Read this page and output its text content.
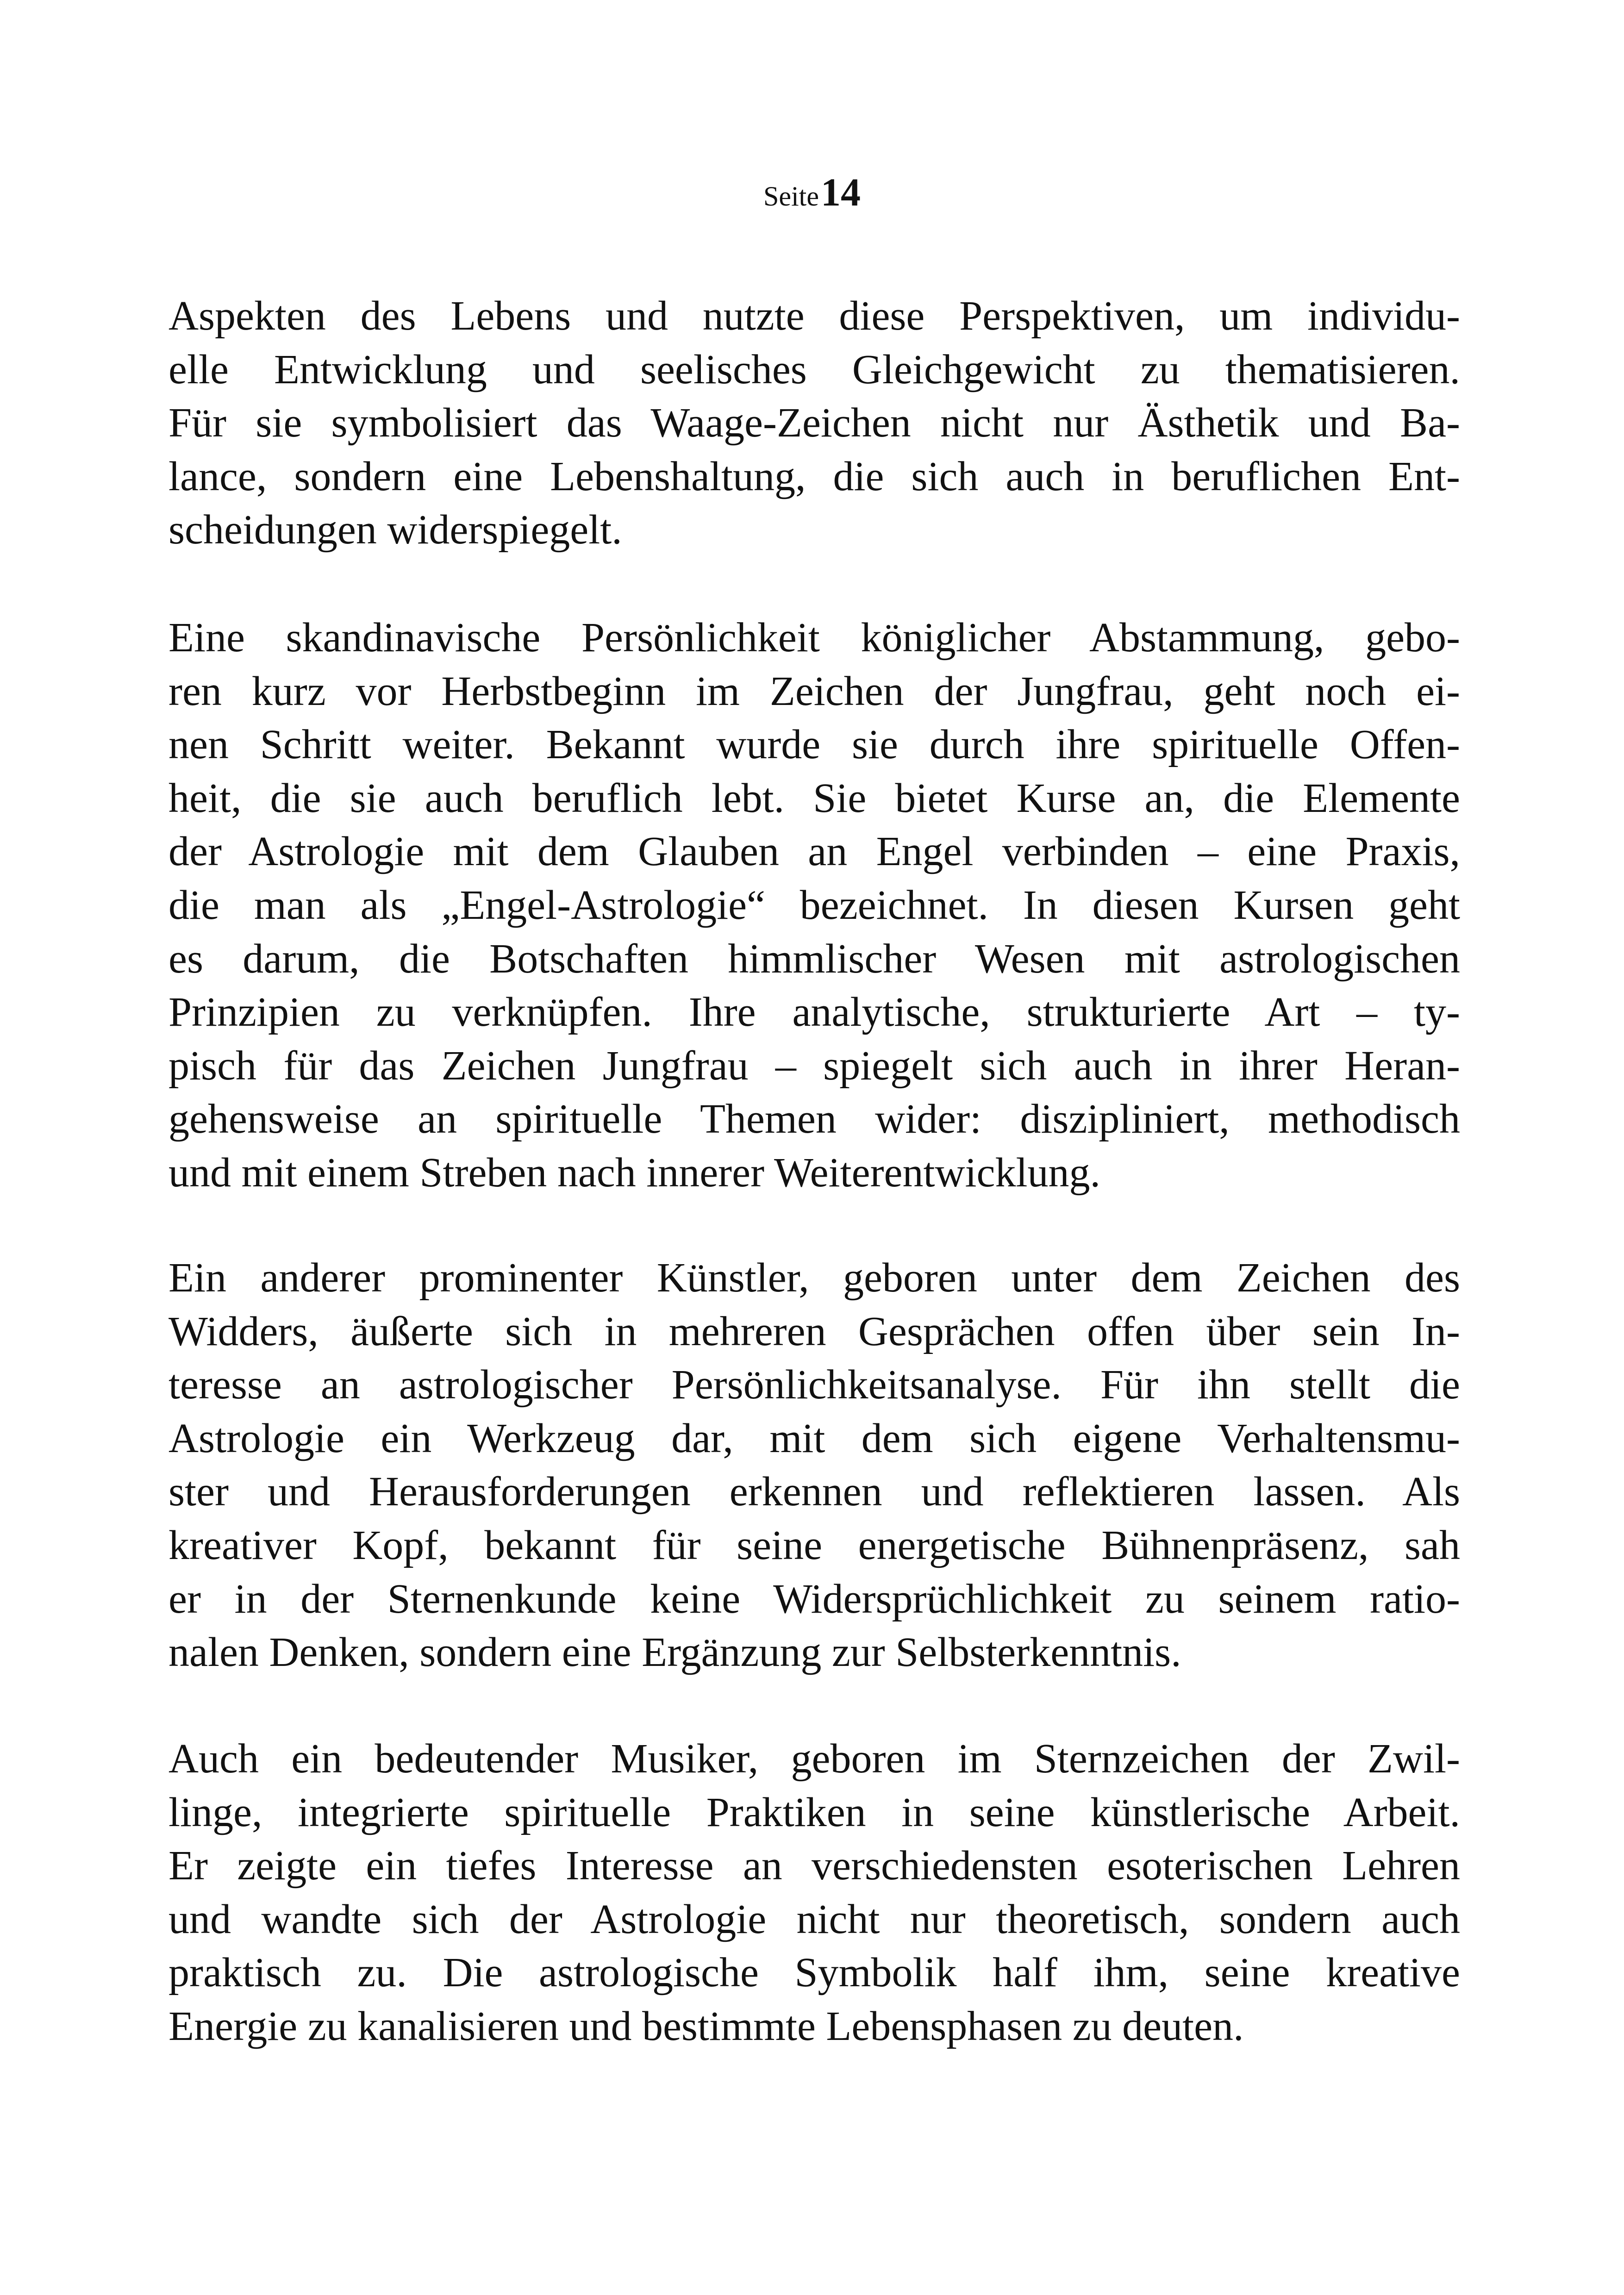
Seite 14

Aspekten des Lebens und nutzte diese Perspektiven, um individu-
elle Entwicklung und seelisches Gleichgewicht zu thematisieren.
Für sie symbolisiert das Waage-Zeichen nicht nur Ästhetik und Ba-
lance, sondern eine Lebenshaltung, die sich auch in beruflichen Ent-
scheidungen widerspiegelt.

Eine skandinavische Persönlichkeit königlicher Abstammung, gebo-
ren kurz vor Herbstbeginn im Zeichen der Jungfrau, geht noch ei-
nen Schritt weiter. Bekannt wurde sie durch ihre spirituelle Offen-
heit, die sie auch beruflich lebt. Sie bietet Kurse an, die Elemente
der Astrologie mit dem Glauben an Engel verbinden – eine Praxis,
die man als „Engel-Astrologie“ bezeichnet. In diesen Kursen geht
es darum, die Botschaften himmlischer Wesen mit astrologischen
Prinzipien zu verknüpfen. Ihre analytische, strukturierte Art – ty-
pisch für das Zeichen Jungfrau – spiegelt sich auch in ihrer Heran-
gehensweise an spirituelle Themen wider: diszipliniert, methodisch
und mit einem Streben nach innerer Weiterentwicklung.

Ein anderer prominenter Künstler, geboren unter dem Zeichen des
Widders, äußerte sich in mehreren Gesprächen offen über sein In-
teresse an astrologischer Persönlichkeitsanalyse. Für ihn stellt die
Astrologie ein Werkzeug dar, mit dem sich eigene Verhaltensmu-
ster und Herausforderungen erkennen und reflektieren lassen. Als
kreativer Kopf, bekannt für seine energetische Bühnenpräsenz, sah
er in der Sternenkunde keine Widersprüchlichkeit zu seinem ratio-
nalen Denken, sondern eine Ergänzung zur Selbsterkenntnis.

Auch ein bedeutender Musiker, geboren im Sternzeichen der Zwil-
linge, integrierte spirituelle Praktiken in seine künstlerische Arbeit.
Er zeigte ein tiefes Interesse an verschiedensten esoterischen Lehren
und wandte sich der Astrologie nicht nur theoretisch, sondern auch
praktisch zu. Die astrologische Symbolik half ihm, seine kreative
Energie zu kanalisieren und bestimmte Lebensphasen zu deuten.
